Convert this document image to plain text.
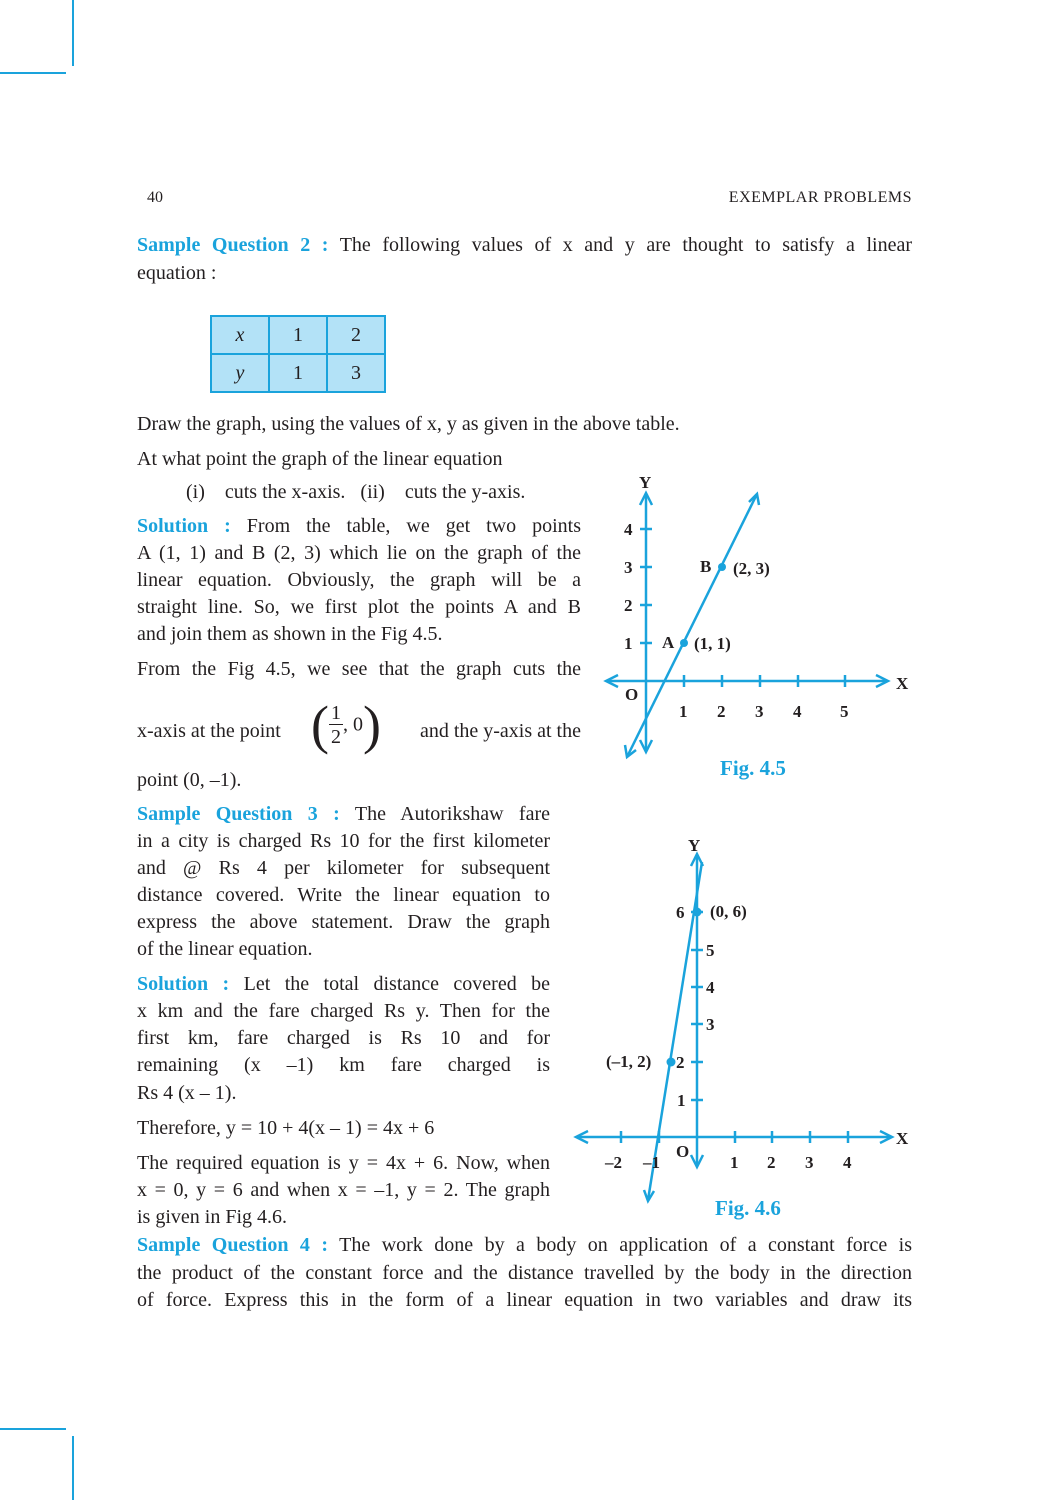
40	EXEMPLAR PROBLEMS
Sample Question 2 : The following values of x and y are thought to satisfy a linear
equation :
x	1	2
y	1	3
Draw the graph, using the values of x, y as given in the above table.
At what point the graph of the linear equation
(i)    cuts the x-axis.   (ii)    cuts the y-axis.
Solution : From the table, we get two points
A (1, 1) and B (2, 3) which lie on the graph of the
linear equation. Obviously, the graph will be a
straight line. So, we first plot the points A and B
and join them as shown in the Fig 4.5.
From the Fig 4.5, we see that the graph cuts the
x-axis at the point ( $\frac{1}{2}$ , 0) and the y-axis at the
point (0, –1).
Y
X
O
1 2 3 4 5
1
2
3
4
A (1, 1)
B (2, 3)
Fig. 4.5
Sample Question 3 : The Autorikshaw fare
in a city is charged Rs 10 for the first kilometer
and @ Rs 4 per kilometer for subsequent
distance covered. Write the linear equation to
express the above statement. Draw the graph
of the linear equation.
Solution : Let the total distance covered be
x km and the fare charged Rs y. Then for the
first km, fare charged is Rs 10 and for
remaining (x –1) km fare charged is
Rs 4 (x – 1).
Therefore, y = 10 + 4(x – 1) = 4x + 6
The required equation is y = 4x + 6. Now, when
x = 0, y = 6 and when x = –1, y = 2. The graph
is given in Fig 4.6.
Y
X
O
–2 –1	1 2 3 4
1
2
3
4
5
6 (0, 6)
(–1, 2)
Fig. 4.6
Sample Question 4 : The work done by a body on application of a constant force is
the product of the constant force and the distance travelled by the body in the direction
of force. Express this in the form of a linear equation in two variables and draw its
